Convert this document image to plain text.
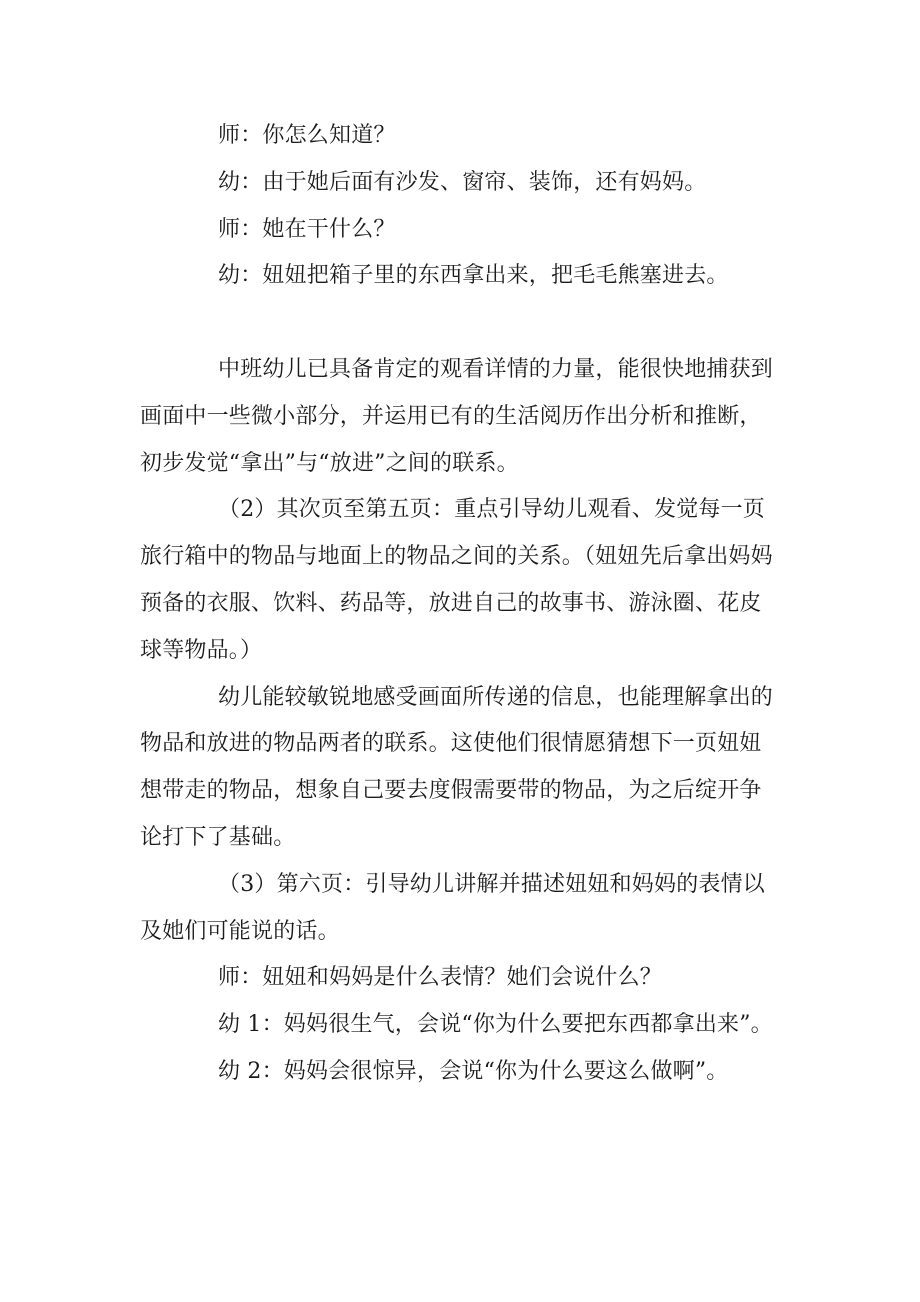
师：你怎么知道？

幼：由于她后面有沙发、窗帘、装饰，还有妈妈。

师：她在干什么？

幼：妞妞把箱子里的东西拿出来，把毛毛熊塞进去。

中班幼儿已具备肯定的观看详情的力量，能很快地捕获到画面中一些微小部分，并运用已有的生活阅历作出分析和推断，初步发觉“拿出”与“放进”之间的联系。

（2）其次页至第五页：重点引导幼儿观看、发觉每一页旅行箱中的物品与地面上的物品之间的关系。（妞妞先后拿出妈妈预备的衣服、饮料、药品等，放进自己的故事书、游泳圈、花皮球等物品。）

幼儿能较敏锐地感受画面所传递的信息，也能理解拿出的物品和放进的物品两者的联系。这使他们很情愿猜想下一页妞妞想带走的物品，想象自己要去度假需要带的物品，为之后绽开争论打下了基础。

（3）第六页：引导幼儿讲解并描述妞妞和妈妈的表情以及她们可能说的话。

师：妞妞和妈妈是什么表情？她们会说什么？

幼 1：妈妈很生气，会说“你为什么要把东西都拿出来”。

幼 2：妈妈会很惊异，会说“你为什么要这么做啊”。
